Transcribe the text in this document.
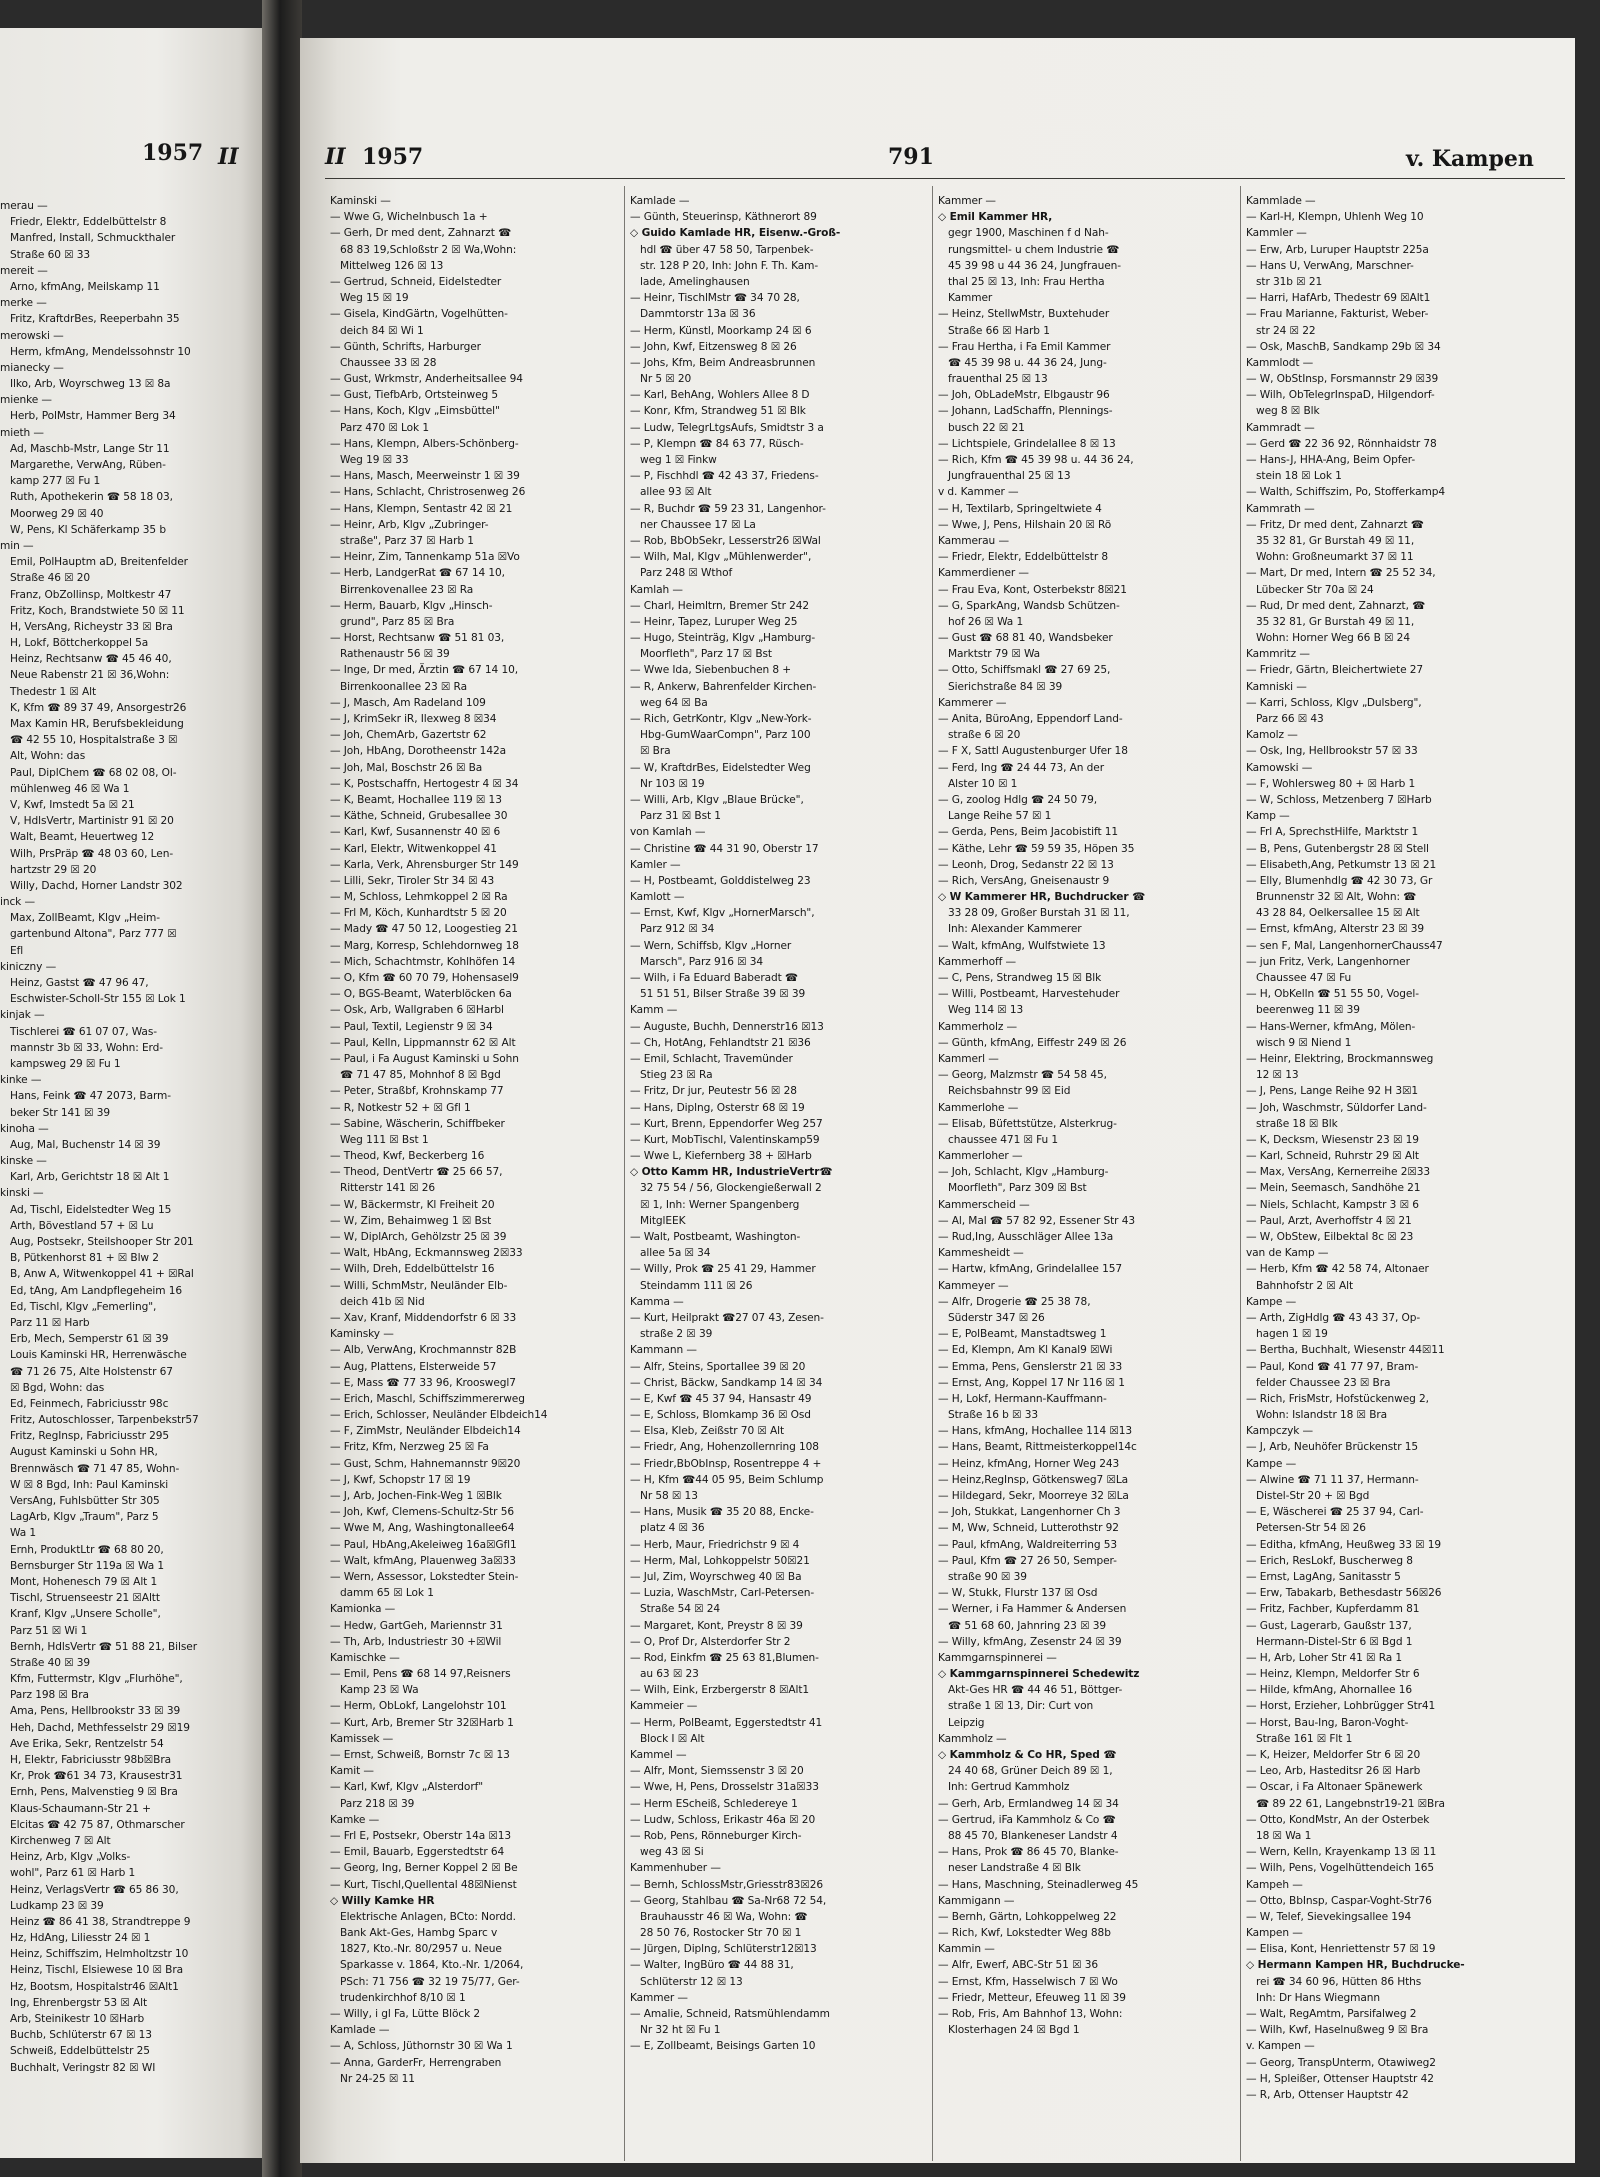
1957 II
merau —
Friedr, Elektr, Eddelbüttelstr 8
Manfred, Install, Schmuckthaler
Straße 60 ☒ 33
mereit —
Arno, kfmAng, Meilskamp 11
merke —
Fritz, KraftdrBes, Reeperbahn 35
merowski —
Herm, kfmAng, Mendelssohnstr 10
mianecky —
Ilko, Arb, Woyrschweg 13 ☒ 8a
mienke —
Herb, PolMstr, Hammer Berg 34
mieth —
Ad, Maschb-Mstr, Lange Str 11
Margarethe, VerwAng, Rüben-
kamp 277 ☒ Fu 1
Ruth, Apothekerin ☎ 58 18 03,
Moorweg 29 ☒ 40
W, Pens, Kl Schäferkamp 35 b
min —
Emil, PolHauptm aD, Breitenfelder
Straße 46 ☒ 20
Franz, ObZollinsp, Moltkestr 47
Fritz, Koch, Brandstwiete 50 ☒ 11
H, VersAng, Richeystr 33 ☒ Bra
H, Lokf, Böttcherkoppel 5a
Heinz, Rechtsanw ☎ 45 46 40,
Neue Rabenstr 21 ☒ 36,Wohn:
Thedestr 1 ☒ Alt
K, Kfm ☎ 89 37 49, Ansorgestr26
Max Kamin HR, Berufsbekleidung
☎ 42 55 10, Hospitalstraße 3 ☒
Alt, Wohn: das
Paul, DiplChem ☎ 68 02 08, Ol-
mühlenweg 46 ☒ Wa 1
V, Kwf, Imstedt 5a ☒ 21
V, HdlsVertr, Martinistr 91 ☒ 20
Walt, Beamt, Heuertweg 12
Wilh, PrsPräp ☎ 48 03 60, Len-
hartzstr 29 ☒ 20
Willy, Dachd, Horner Landstr 302
inck —
Max, ZollBeamt, Klgv „Heim-
gartenbund Altona", Parz 777 ☒
Efl
kiniczny —
Heinz, Gastst ☎ 47 96 47,
Eschwister-Scholl-Str 155 ☒ Lok 1
kinjak —
Tischlerei ☎ 61 07 07, Was-
mannstr 3b ☒ 33, Wohn: Erd-
kampsweg 29 ☒ Fu 1
kinke —
Hans, Feink ☎ 47 2073, Barm-
beker Str 141 ☒ 39
kinoha —
Aug, Mal, Buchenstr 14 ☒ 39
kinske —
Karl, Arb, Gerichtstr 18 ☒ Alt 1
kinski —
Ad, Tischl, Eidelstedter Weg 15
Arth, Bövestland 57 + ☒ Lu
Aug, Postsekr, Steilshooper Str 201
B, Pütkenhorst 81 + ☒ Blw 2
B, Anw A, Witwenkoppel 41 + ☒Ral
Ed, tAng, Am Landpflegeheim 16
Ed, Tischl, Klgv „Femerling",
Parz 11 ☒ Harb
Erb, Mech, Semperstr 61 ☒ 39
Louis Kaminski HR, Herrenwäsche
☎ 71 26 75, Alte Holstenstr 67
☒ Bgd, Wohn: das
Ed, Feinmech, Fabriciusstr 98c
Fritz, Autoschlosser, Tarpenbekstr57
Fritz, RegInsp, Fabriciusstr 295
August Kaminski u Sohn HR,
Brennwäsch ☎ 71 47 85, Wohn-
W ☒ 8 Bgd, Inh: Paul Kaminski
VersAng, Fuhlsbütter Str 305
LagArb, Klgv „Traum", Parz 5
Wa 1
Ernh, ProduktLtr ☎ 68 80 20,
Bernsburger Str 119a ☒ Wa 1
Mont, Hohenesch 79 ☒ Alt 1
Tischl, Struenseestr 21 ☒Altt
Kranf, Klgv „Unsere Scholle",
Parz 51 ☒ Wi 1
Bernh, HdlsVertr ☎ 51 88 21, Bilser
Straße 40 ☒ 39
Kfm, Futtermstr, Klgv „Flurhöhe",
Parz 198 ☒ Bra
Ama, Pens, Hellbrookstr 33 ☒ 39
Heh, Dachd, Methfesselstr 29 ☒19
Ave Erika, Sekr, Rentzelstr 54
H, Elektr, Fabriciusstr 98b☒Bra
Kr, Prok ☎61 34 73, Krausestr31
Ernh, Pens, Malvenstieg 9 ☒ Bra
Klaus-Schaumann-Str 21 +
Elcitas ☎ 42 75 87, Othmarscher
Kirchenweg 7 ☒ Alt
Heinz, Arb, Klgv „Volks-
wohl", Parz 61 ☒ Harb 1
Heinz, VerlagsVertr ☎ 65 86 30,
Ludkamp 23 ☒ 39
Heinz ☎ 86 41 38, Strandtreppe 9
Hz, HdAng, Liliesstr 24 ☒ 1
Heinz, Schiffszim, Helmholtzstr 10
Heinz, Tischl, Elsiewese 10 ☒ Bra
Hz, Bootsm, Hospitalstr46 ☒Alt1
Ing, Ehrenbergstr 53 ☒ Alt
Arb, Steinikestr 10 ☒Harb
Buchb, Schlüterstr 67 ☒ 13
Schweiß, Eddelbüttelstr 25
Buchhalt, Veringstr 82 ☒ WI
II 1957	791	v. Kampen
Kaminski —
— Wwe G, Wichelnbusch 1a +
— Gerh, Dr med dent, Zahnarzt ☎
68 83 19,Schloßstr 2 ☒ Wa,Wohn:
Mittelweg 126 ☒ 13
— Gertrud, Schneid, Eidelstedter
Weg 15 ☒ 19
— Gisela, KindGärtn, Vogelhütten-
deich 84 ☒ Wi 1
— Günth, Schrifts, Harburger
Chaussee 33 ☒ 28
— Gust, Wrkmstr, Anderheitsallee 94
— Gust, TiefbArb, Ortsteinweg 5
— Hans, Koch, Klgv „Eimsbüttel"
Parz 470 ☒ Lok 1
— Hans, Klempn, Albers-Schönberg-
Weg 19 ☒ 33
— Hans, Masch, Meerweinstr 1 ☒ 39
— Hans, Schlacht, Christrosenweg 26
— Hans, Klempn, Sentastr 42 ☒ 21
— Heinr, Arb, Klgv „Zubringer-
straße", Parz 37 ☒ Harb 1
— Heinr, Zim, Tannenkamp 51a ☒Vo
— Herb, LandgerRat ☎ 67 14 10,
Birrenkovenallee 23 ☒ Ra
— Herm, Bauarb, Klgv „Hinsch-
grund", Parz 85 ☒ Bra
— Horst, Rechtsanw ☎ 51 81 03,
Rathenaustr 56 ☒ 39
— Inge, Dr med, Ärztin ☎ 67 14 10,
Birrenkoonallee 23 ☒ Ra
— J, Masch, Am Radeland 109
— J, KrimSekr iR, Ilexweg 8 ☒34
— Joh, ChemArb, Gazertstr 62
— Joh, HbAng, Dorotheenstr 142a
— Joh, Mal, Boschstr 26 ☒ Ba
— K, Postschaffn, Hertogestr 4 ☒ 34
— K, Beamt, Hochallee 119 ☒ 13
— Käthe, Schneid, Grubesallee 30
— Karl, Kwf, Susannenstr 40 ☒ 6
— Karl, Elektr, Witwenkoppel 41
— Karla, Verk, Ahrensburger Str 149
— Lilli, Sekr, Tiroler Str 34 ☒ 43
— M, Schloss, Lehmkoppel 2 ☒ Ra
— Frl M, Köch, Kunhardtstr 5 ☒ 20
— Mady ☎ 47 50 12, Loogestieg 21
— Marg, Korresp, Schlehdornweg 18
— Mich, Schachtmstr, Kohlhöfen 14
— O, Kfm ☎ 60 70 79, Hohensasel9
— O, BGS-Beamt, Waterblöcken 6a
— Osk, Arb, Wallgraben 6 ☒Harbl
— Paul, Textil, Legienstr 9 ☒ 34
— Paul, Kelln, Lippmannstr 62 ☒ Alt
— Paul, i Fa August Kaminski u Sohn
☎ 71 47 85, Mohnhof 8 ☒ Bgd
— Peter, Straßbf, Krohnskamp 77
— R, Notkestr 52 + ☒ Gfl 1
— Sabine, Wäscherin, Schiffbeker
Weg 111 ☒ Bst 1
— Theod, Kwf, Beckerberg 16
— Theod, DentVertr ☎ 25 66 57,
Ritterstr 141 ☒ 26
— W, Bäckermstr, Kl Freiheit 20
— W, Zim, Behaimweg 1 ☒ Bst
— W, DiplArch, Gehölzstr 25 ☒ 39
— Walt, HbAng, Eckmannsweg 2☒33
— Wilh, Dreh, Eddelbüttelstr 16
— Willi, SchmMstr, Neuländer Elb-
deich 41b ☒ Nid
— Xav, Kranf, Middendorfstr 6 ☒ 33
Kaminsky —
— Alb, VerwAng, Krochmannstr 82B
— Aug, Plattens, Elsterweide 57
— E, Mass ☎ 77 33 96, Krooswegl7
— Erich, Maschl, Schiffszimmererweg
— Erich, Schlosser, Neuländer Elbdeich14
— F, ZimMstr, Neuländer Elbdeich14
— Fritz, Kfm, Nerzweg 25 ☒ Fa
— Gust, Schm, Hahnemannstr 9☒20
— J, Kwf, Schopstr 17 ☒ 19
— J, Arb, Jochen-Fink-Weg 1 ☒Blk
— Joh, Kwf, Clemens-Schultz-Str 56
— Wwe M, Ang, Washingtonallee64
— Paul, HbAng,Akeleiweg 16a☒Gfl1
— Walt, kfmAng, Plauenweg 3a☒33
— Wern, Assessor, Lokstedter Stein-
damm 65 ☒ Lok 1
Kamionka —
— Hedw, GartGeh, Mariennstr 31
— Th, Arb, Industriestr 30 +☒Wil
Kamischke —
— Emil, Pens ☎ 68 14 97,Reisners
Kamp 23 ☒ Wa
— Herm, ObLokf, Langelohstr 101
— Kurt, Arb, Bremer Str 32☒Harb 1
Kamissek —
— Ernst, Schweiß, Bornstr 7c ☒ 13
Kamit —
— Karl, Kwf, Klgv „Alsterdorf"
Parz 218 ☒ 39
Kamke —
— Frl E, Postsekr, Oberstr 14a ☒13
— Emil, Bauarb, Eggerstedtstr 64
— Georg, Ing, Berner Koppel 2 ☒ Be
— Kurt, Tischl,Quellental 48☒Nienst
◇ Willy Kamke HR
Elektrische Anlagen, BCto: Nordd.
Bank Akt-Ges, Hambg Sparc v
1827, Kto.-Nr. 80/2957 u. Neue
Sparkasse v. 1864, Kto.-Nr. 1/2064,
PSch: 71 756 ☎ 32 19 75/77, Ger-
trudenkirchhof 8/10 ☒ 1
— Willy, i gl Fa, Lütte Blöck 2
Kamlade —
— A, Schloss, Jüthornstr 30 ☒ Wa 1
— Anna, GarderFr, Herrengraben
Nr 24-25 ☒ 11
Kamlade —
— Günth, Steuerinsp, Käthnerort 89
◇ Guido Kamlade HR, Eisenw.-Groß-
hdl ☎ über 47 58 50, Tarpenbek-
str. 128 P 20, Inh: John F. Th. Kam-
lade, Amelinghausen
— Heinr, TischlMstr ☎ 34 70 28,
Dammtorstr 13a ☒ 36
— Herm, Künstl, Moorkamp 24 ☒ 6
— John, Kwf, Eitzensweg 8 ☒ 26
— Johs, Kfm, Beim Andreasbrunnen
Nr 5 ☒ 20
— Karl, BehAng, Wohlers Allee 8 D
— Konr, Kfm, Strandweg 51 ☒ Blk
— Ludw, TelegrLtgsAufs, Smidtstr 3 a
— P, Klempn ☎ 84 63 77, Rüsch-
weg 1 ☒ Finkw
— P, Fischhdl ☎ 42 43 37, Friedens-
allee 93 ☒ Alt
— R, Buchdr ☎ 59 23 31, Langenhor-
ner Chaussee 17 ☒ La
— Rob, BbObSekr, Lesserstr26 ☒Wal
— Wilh, Mal, Klgv „Mühlenwerder",
Parz 248 ☒ Wthof
Kamlah —
— Charl, Heimltrn, Bremer Str 242
— Heinr, Tapez, Luruper Weg 25
— Hugo, Steinträg, Klgv „Hamburg-
Moorfleth", Parz 17 ☒ Bst
— Wwe Ida, Siebenbuchen 8 +
— R, Ankerw, Bahrenfelder Kirchen-
weg 64 ☒ Ba
— Rich, GetrKontr, Klgv „New-York-
Hbg-GumWaarCompn", Parz 100
☒ Bra
— W, KraftdrBes, Eidelstedter Weg
Nr 103 ☒ 19
— Willi, Arb, Klgv „Blaue Brücke",
Parz 31 ☒ Bst 1
von Kamlah —
— Christine ☎ 44 31 90, Oberstr 17
Kamler —
— H, Postbeamt, Golddistelweg 23
Kamlott —
— Ernst, Kwf, Klgv „HornerMarsch",
Parz 912 ☒ 34
— Wern, Schiffsb, Klgv „Horner
Marsch", Parz 916 ☒ 34
— Wilh, i Fa Eduard Baberadt ☎
51 51 51, Bilser Straße 39 ☒ 39
Kamm —
— Auguste, Buchh, Dennerstr16 ☒13
— Ch, HotAng, Fehlandtstr 21 ☒36
— Emil, Schlacht, Travemünder
Stieg 23 ☒ Ra
— Fritz, Dr jur, Peutestr 56 ☒ 28
— Hans, Diplng, Osterstr 68 ☒ 19
— Kurt, Brenn, Eppendorfer Weg 257
— Kurt, MobTischl, Valentinskamp59
— Wwe L, Kiefernberg 38 + ☒Harb
◇ Otto Kamm HR, IndustrieVertr☎
32 75 54 / 56, Glockengießerwall 2
☒ 1, Inh: Werner Spangenberg
MitglEEK
— Walt, Postbeamt, Washington-
allee 5a ☒ 34
— Willy, Prok ☎ 25 41 29, Hammer
Steindamm 111 ☒ 26
Kamma —
— Kurt, Heilprakt ☎27 07 43, Zesen-
straße 2 ☒ 39
Kammann —
— Alfr, Steins, Sportallee 39 ☒ 20
— Christ, Bäckw, Sandkamp 14 ☒ 34
— E, Kwf ☎ 45 37 94, Hansastr 49
— E, Schloss, Blomkamp 36 ☒ Osd
— Elsa, Kleb, Zeißstr 70 ☒ Alt
— Friedr, Ang, Hohenzollernring 108
— Friedr,BbObInsp, Rosentreppe 4 +
— H, Kfm ☎44 05 95, Beim Schlump
Nr 58 ☒ 13
— Hans, Musik ☎ 35 20 88, Encke-
platz 4 ☒ 36
— Herb, Maur, Friedrichstr 9 ☒ 4
— Herm, Mal, Lohkoppelstr 50☒21
— Jul, Zim, Woyrschweg 40 ☒ Ba
— Luzia, WaschMstr, Carl-Petersen-
Straße 54 ☒ 24
— Margaret, Kont, Preystr 8 ☒ 39
— O, Prof Dr, Alsterdorfer Str 2
— Rod, Einkfm ☎ 25 63 81,Blumen-
au 63 ☒ 23
— Wilh, Eink, Erzbergerstr 8 ☒Alt1
Kammeier —
— Herm, PolBeamt, Eggerstedtstr 41
Block I ☒ Alt
Kammel —
— Alfr, Mont, Siemssenstr 3 ☒ 20
— Wwe, H, Pens, Drosselstr 31a☒33
— Herm EScheiß, Schledereye 1
— Ludw, Schloss, Erikastr 46a ☒ 20
— Rob, Pens, Rönneburger Kirch-
weg 43 ☒ Si
Kammenhuber —
— Bernh, SchlossMstr,Griesstr83☒26
— Georg, Stahlbau ☎ Sa-Nr68 72 54,
Brauhausstr 46 ☒ Wa, Wohn: ☎
28 50 76, Rostocker Str 70 ☒ 1
— Jürgen, Diplng, Schlüterstr12☒13
— Walter, IngBüro ☎ 44 88 31,
Schlüterstr 12 ☒ 13
Kammer —
— Amalie, Schneid, Ratsmühlendamm
Nr 32 ht ☒ Fu 1
— E, Zollbeamt, Beisings Garten 10
Kammer —
◇ Emil Kammer HR,
gegr 1900, Maschinen f d Nah-
rungsmittel- u chem Industrie ☎
45 39 98 u 44 36 24, Jungfrauen-
thal 25 ☒ 13, Inh: Frau Hertha
Kammer
— Heinz, StellwMstr, Buxtehuder
Straße 66 ☒ Harb 1
— Frau Hertha, i Fa Emil Kammer
☎ 45 39 98 u. 44 36 24, Jung-
frauenthal 25 ☒ 13
— Joh, ObLadeMstr, Elbgaustr 96
— Johann, LadSchaffn, Plennings-
busch 22 ☒ 21
— Lichtspiele, Grindelallee 8 ☒ 13
— Rich, Kfm ☎ 45 39 98 u. 44 36 24,
Jungfrauenthal 25 ☒ 13
v d. Kammer —
— H, Textilarb, Springeltwiete 4
— Wwe, J, Pens, Hilshain 20 ☒ Rö
Kammerau —
— Friedr, Elektr, Eddelbüttelstr 8
Kammerdiener —
— Frau Eva, Kont, Osterbekstr 8☒21
— G, SparkAng, Wandsb Schützen-
hof 26 ☒ Wa 1
— Gust ☎ 68 81 40, Wandsbeker
Marktstr 79 ☒ Wa
— Otto, Schiffsmakl ☎ 27 69 25,
Sierichstraße 84 ☒ 39
Kammerer —
— Anita, BüroAng, Eppendorf Land-
straße 6 ☒ 20
— F X, Sattl Augustenburger Ufer 18
— Ferd, Ing ☎ 24 44 73, An der
Alster 10 ☒ 1
— G, zoolog Hdlg ☎ 24 50 79,
Lange Reihe 57 ☒ 1
— Gerda, Pens, Beim Jacobistift 11
— Käthe, Lehr ☎ 59 59 35, Höpen 35
— Leonh, Drog, Sedanstr 22 ☒ 13
— Rich, VersAng, Gneisenaustr 9
◇ W Kammerer HR, Buchdrucker ☎
33 28 09, Großer Burstah 31 ☒ 11,
Inh: Alexander Kammerer
— Walt, kfmAng, Wulfstwiete 13
Kammerhoff —
— C, Pens, Strandweg 15 ☒ Blk
— Willi, Postbeamt, Harvestehuder
Weg 114 ☒ 13
Kammerholz —
— Günth, kfmAng, Eiffestr 249 ☒ 26
Kammerl —
— Georg, Malzmstr ☎ 54 58 45,
Reichsbahnstr 99 ☒ Eid
Kammerlohe —
— Elisab, Büfettstütze, Alsterkrug-
chaussee 471 ☒ Fu 1
Kammerloher —
— Joh, Schlacht, Klgv „Hamburg-
Moorfleth", Parz 309 ☒ Bst
Kammerscheid —
— Al, Mal ☎ 57 82 92, Essener Str 43
— Rud,Ing, Ausschläger Allee 13a
Kammesheidt —
— Hartw, kfmAng, Grindelallee 157
Kammeyer —
— Alfr, Drogerie ☎ 25 38 78,
Süderstr 347 ☒ 26
— E, PolBeamt, Manstadtsweg 1
— Ed, Klempn, Am Kl Kanal9 ☒Wi
— Emma, Pens, Genslerstr 21 ☒ 33
— Ernst, Ang, Koppel 17 Nr 116 ☒ 1
— H, Lokf, Hermann-Kauffmann-
Straße 16 b ☒ 33
— Hans, kfmAng, Hochallee 114 ☒13
— Hans, Beamt, Rittmeisterkoppel14c
— Heinz, kfmAng, Horner Weg 243
— Heinz,RegInsp, Götkensweg7 ☒La
— Hildegard, Sekr, Moorreye 32 ☒La
— Joh, Stukkat, Langenhorner Ch 3
— M, Ww, Schneid, Lutterothstr 92
— Paul, kfmAng, Waldreiterring 53
— Paul, Kfm ☎ 27 26 50, Semper-
straße 90 ☒ 39
— W, Stukk, Flurstr 137 ☒ Osd
— Werner, i Fa Hammer & Andersen
☎ 51 68 60, Jahnring 23 ☒ 39
— Willy, kfmAng, Zesenstr 24 ☒ 39
Kammgarnspinnerei —
◇ Kammgarnspinnerei Schedewitz
Akt-Ges HR ☎ 44 46 51, Böttger-
straße 1 ☒ 13, Dir: Curt von
Leipzig
Kammholz —
◇ Kammholz & Co HR, Sped ☎
24 40 68, Grüner Deich 89 ☒ 1,
Inh: Gertrud Kammholz
— Gerh, Arb, Ermlandweg 14 ☒ 34
— Gertrud, iFa Kammholz & Co ☎
88 45 70, Blankeneser Landstr 4
— Hans, Prok ☎ 86 45 70, Blanke-
neser Landstraße 4 ☒ Blk
— Hans, Maschning, Steinadlerweg 45
Kammigann —
— Bernh, Gärtn, Lohkoppelweg 22
— Rich, Kwf, Lokstedter Weg 88b
Kammin —
— Alfr, Ewerf, ABC-Str 51 ☒ 36
— Ernst, Kfm, Hasselwisch 7 ☒ Wo
— Friedr, Metteur, Efeuweg 11 ☒ 39
— Rob, Fris, Am Bahnhof 13, Wohn:
Klosterhagen 24 ☒ Bgd 1
Kammlade —
— Karl-H, Klempn, Uhlenh Weg 10
Kammler —
— Erw, Arb, Luruper Hauptstr 225a
— Hans U, VerwAng, Marschner-
str 31b ☒ 21
— Harri, HafArb, Thedestr 69 ☒Alt1
— Frau Marianne, Fakturist, Weber-
str 24 ☒ 22
— Osk, MaschB, Sandkamp 29b ☒ 34
Kammlodt —
— W, ObStInsp, Forsmannstr 29 ☒39
— Wilh, ObTelegrInspaD, Hilgendorf-
weg 8 ☒ Blk
Kammradt —
— Gerd ☎ 22 36 92, Rönnhaidstr 78
— Hans-J, HHA-Ang, Beim Opfer-
stein 18 ☒ Lok 1
— Walth, Schiffszim, Po, Stofferkamp4
Kammrath —
— Fritz, Dr med dent, Zahnarzt ☎
35 32 81, Gr Burstah 49 ☒ 11,
Wohn: Großneumarkt 37 ☒ 11
— Mart, Dr med, Intern ☎ 25 52 34,
Lübecker Str 70a ☒ 24
— Rud, Dr med dent, Zahnarzt, ☎
35 32 81, Gr Burstah 49 ☒ 11,
Wohn: Horner Weg 66 B ☒ 24
Kammritz —
— Friedr, Gärtn, Bleichertwiete 27
Kamniski —
— Karri, Schloss, Klgv „Dulsberg",
Parz 66 ☒ 43
Kamolz —
— Osk, Ing, Hellbrookstr 57 ☒ 33
Kamowski —
— F, Wohlersweg 80 + ☒ Harb 1
— W, Schloss, Metzenberg 7 ☒Harb
Kamp —
— Frl A, SprechstHilfe, Marktstr 1
— B, Pens, Gutenbergstr 28 ☒ Stell
— Elisabeth,Ang, Petkumstr 13 ☒ 21
— Elly, Blumenhdlg ☎ 42 30 73, Gr
Brunnenstr 32 ☒ Alt, Wohn: ☎
43 28 84, Oelkersallee 15 ☒ Alt
— Ernst, kfmAng, Alterstr 23 ☒ 39
— sen F, Mal, LangenhornerChauss47
— jun Fritz, Verk, Langenhorner
Chaussee 47 ☒ Fu
— H, ObKelln ☎ 51 55 50, Vogel-
beerenweg 11 ☒ 39
— Hans-Werner, kfmAng, Mölen-
wisch 9 ☒ Niend 1
— Heinr, Elektring, Brockmannsweg
12 ☒ 13
— J, Pens, Lange Reihe 92 H 3☒1
— Joh, Waschmstr, Süldorfer Land-
straße 18 ☒ Blk
— K, Decksm, Wiesenstr 23 ☒ 19
— Karl, Schneid, Ruhrstr 29 ☒ Alt
— Max, VersAng, Kernerreihe 2☒33
— Mein, Seemasch, Sandhöhe 21
— Niels, Schlacht, Kampstr 3 ☒ 6
— Paul, Arzt, Averhoffstr 4 ☒ 21
— W, ObStew, Eilbektal 8c ☒ 23
van de Kamp —
— Herb, Kfm ☎ 42 58 74, Altonaer
Bahnhofstr 2 ☒ Alt
Kampe —
— Arth, ZigHdlg ☎ 43 43 37, Op-
hagen 1 ☒ 19
— Bertha, Buchhalt, Wiesenstr 44☒11
— Paul, Kond ☎ 41 77 97, Bram-
felder Chaussee 23 ☒ Bra
— Rich, FrisMstr, Hofstückenweg 2,
Wohn: Islandstr 18 ☒ Bra
Kampczyk —
— J, Arb, Neuhöfer Brückenstr 15
Kampe —
— Alwine ☎ 71 11 37, Hermann-
Distel-Str 20 + ☒ Bgd
— E, Wäscherei ☎ 25 37 94, Carl-
Petersen-Str 54 ☒ 26
— Editha, kfmAng, Heußweg 33 ☒ 19
— Erich, ResLokf, Buscherweg 8
— Ernst, LagAng, Sanitasstr 5
— Erw, Tabakarb, Bethesdastr 56☒26
— Fritz, Fachber, Kupferdamm 81
— Gust, Lagerarb, Gaußstr 137,
Hermann-Distel-Str 6 ☒ Bgd 1
— H, Arb, Loher Str 41 ☒ Ra 1
— Heinz, Klempn, Meldorfer Str 6
— Hilde, kfmAng, Ahornallee 16
— Horst, Erzieher, Lohbrügger Str41
— Horst, Bau-Ing, Baron-Voght-
Straße 161 ☒ Flt 1
— K, Heizer, Meldorfer Str 6 ☒ 20
— Leo, Arb, Hasteditsr 26 ☒ Harb
— Oscar, i Fa Altonaer Spänewerk
☎ 89 22 61, Langebnstr19-21 ☒Bra
— Otto, KondMstr, An der Osterbek
18 ☒ Wa 1
— Wern, Kelln, Krayenkamp 13 ☒ 11
— Wilh, Pens, Vogelhüttendeich 165
Kampeh —
— Otto, BbInsp, Caspar-Voght-Str76
— W, Telef, Sievekingsallee 194
Kampen —
— Elisa, Kont, Henriettenstr 57 ☒ 19
◇ Hermann Kampen HR, Buchdrucke-
rei ☎ 34 60 96, Hütten 86 Hths
Inh: Dr Hans Wiegmann
— Walt, RegAmtm, Parsifalweg 2
— Wilh, Kwf, Haselnußweg 9 ☒ Bra
v. Kampen —
— Georg, TranspUnterm, Otawiweg2
— H, Spleißer, Ottenser Hauptstr 42
— R, Arb, Ottenser Hauptstr 42
